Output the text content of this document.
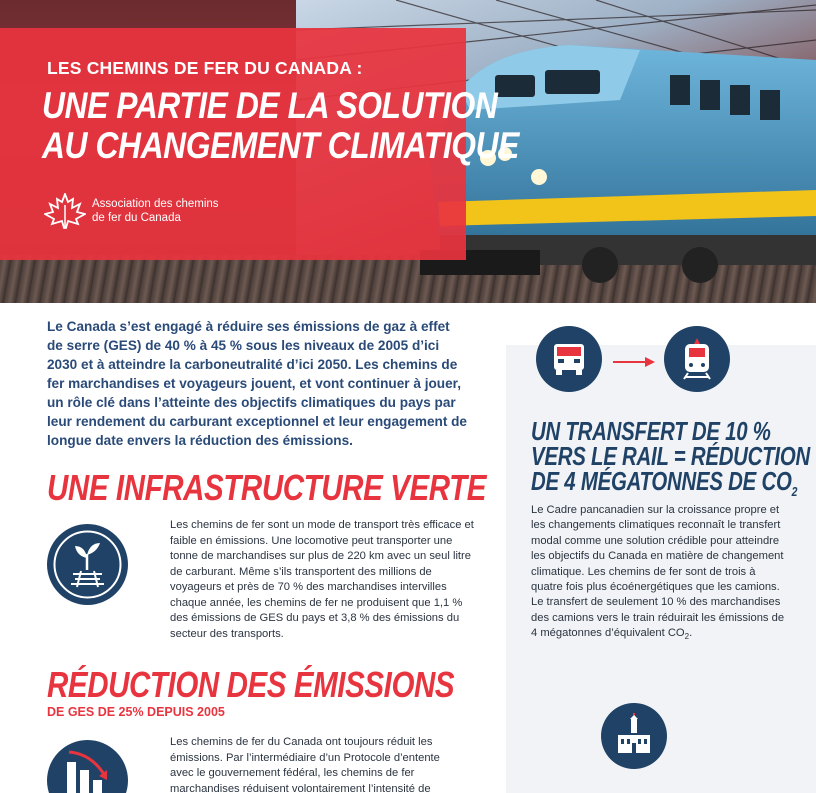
LES CHEMINS DE FER DU CANADA :
UNE PARTIE DE LA SOLUTION
AU CHANGEMENT CLIMATIQUE
Association des chemins
de fer du Canada
Le Canada s’est engagé à réduire ses émissions de gaz à effet de serre (GES) de 40 % à 45 % sous les niveaux de 2005 d’ici 2030 et à atteindre la carboneutralité d’ici 2050. Les chemins de fer marchandises et voyageurs jouent, et vont continuer à jouer, un rôle clé dans l’atteinte des objectifs climatiques du pays par leur rendement du carburant exceptionnel et leur engagement de longue date envers la réduction des émissions.
UNE INFRASTRUCTURE VERTE
Les chemins de fer sont un mode de transport très efficace et faible en émissions. Une locomotive peut transporter une tonne de marchandises sur plus de 220 km avec un seul litre de carburant. Même s’ils transportent des millions de voyageurs et près de 70 % des marchandises intervilles chaque année, les chemins de fer ne produisent que 1,1 % des émissions de GES du pays et 3,8 % des émissions du secteur des transports.
RÉDUCTION DES ÉMISSIONS
DE GES DE 25% DEPUIS 2005
Les chemins de fer du Canada ont toujours réduit les émissions. Par l’intermédiaire d’un Protocole d’entente avec le gouvernement fédéral, les chemins de fer marchandises réduisent volontairement l’intensité de
UN TRANSFERT DE 10 %
VERS LE RAIL = RÉDUCTION
DE 4 MÉGATONNES DE $CO_2$
Le Cadre pancanadien sur la croissance propre et les changements climatiques reconnaît le transfert modal comme une solution crédible pour atteindre les objectifs du Canada en matière de changement climatique. Les chemins de fer sont de trois à quatre fois plus écoénergétiques que les camions. Le transfert de seulement 10 % des marchandises des camions vers le train réduirait les émissions de 4 mégatonnes d’équivalent $CO_2$.
